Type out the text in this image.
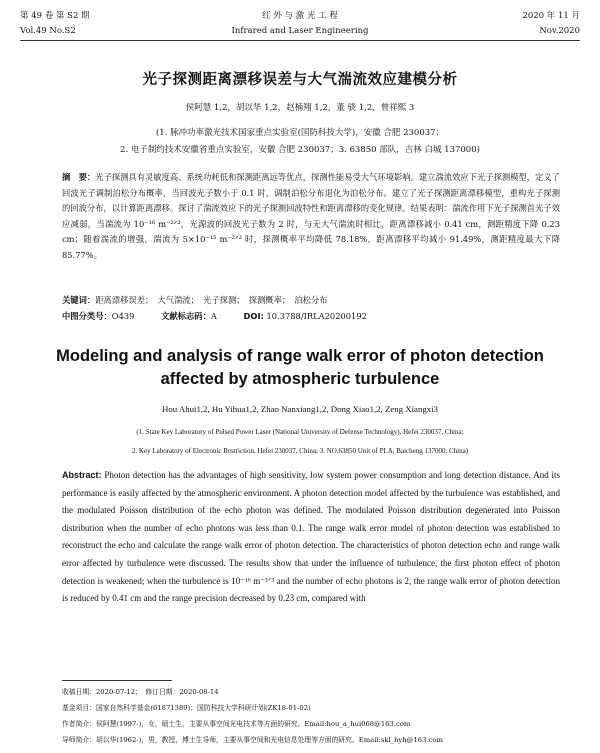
第 49 卷 第 S2 期	红 外 与 激 光 工 程	2020 年 11 月
Vol.49 No.S2	Infrared and Laser Engineering	Nov.2020
光子探测距离漂移误差与大气湍流效应建模分析
侯阿慧 1,2，胡以华 1,2，赵楠翔 1,2，董 骁 1,2，曾祥熙 3
(1. 脉冲功率激光技术国家重点实验室(国防科技大学)，安徽 合肥 230037；
2. 电子制约技术安徽省重点实验室，安徽 合肥 230037；3. 63850 部队，吉林 白城 137000)
摘　要：光子探测具有灵敏度高、系统功耗低和探测距离远等优点，探测性能易受大气环境影响。建立湍流效应下光子探测模型，定义了回波光子调制泊松分布概率，当回波光子数小于 0.1 时，调制泊松分布退化为泊松分布。建立了光子探测距离漂移模型，重构光子探测的回波分布，以计算距离漂移。探讨了湍流效应下的光子探测回波特性和距离漂移的变化规律。结果表明：湍流作用下光子探测首光子效应减弱，当湍流为 10⁻¹⁶ m⁻²ᐟ³，光源波的回波光子数为 2 时，与无大气湍流时相比，距离漂移减小 0.41 cm，测距精度下降 0.23 cm；随着湍流的增强，湍流为 5×10⁻¹⁵ m⁻²ᐟ³ 时，探测概率平均降低 78.18%，距离漂移平均减小 91.49%，测距精度最大下降 85.77%。
关键词：距离漂移误差；　大气湍流；　光子探测；　探测概率；　泊松分布
中图分类号：O439	文献标志码：A	DOI: 10.3788/IRLA20200192
Modeling and analysis of range walk error of photon detection
affected by atmospheric turbulence
Hou Ahui1,2, Hu Yihua1,2, Zhao Nanxiang1,2, Dong Xiao1,2, Zeng Xiangxi3
(1. State Key Laboratory of Pulsed Power Laser (National University of Defense Technology), Hefei 230037, China;
2. Key Laboratory of Electronic Restriction, Hefei 230037, China; 3. NO.63850 Unit of PLA, Baicheng 137000, China)
Abstract: Photon detection has the advantages of high sensitivity, low system power consumption and long detection distance. And its performance is easily affected by the atmospheric environment. A photon detection model affected by the turbulence was established, and the modulated Poisson distribution of the echo photon was defined. The modulated Poisson distribution degenerated into Poisson distribution when the number of echo photons was less than 0.1. The range walk error model of photon detection was established to reconstruct the echo and calculate the range walk error of photon detection. The characteristics of photon detection echo and range walk error affected by turbulence were discussed. The results show that under the influence of turbulence, the first photon effect of photon detection is weakened; when the turbulence is 10⁻¹⁶ m⁻²ᐟ³ and the number of echo photons is 2, the range walk error of photon detection is reduced by 0.41 cm and the range precision decreased by 0.23 cm, compared with
收稿日期：2020-07-12；　修订日期：2020-08-14
基金项目：国家自然科学基金(61871389)；国防科技大学科研计划(ZK18-01-02)
作者简介：侯阿慧(1997-)，女，硕士生，主要从事空间光电技术等方面的研究。Email:hou_a_hui068@163.com
导师简介：胡以华(1962-)，男，教授，博士生导师，主要从事空间和光电信息处理等方面的研究。Email:skl_hyh@163.com
